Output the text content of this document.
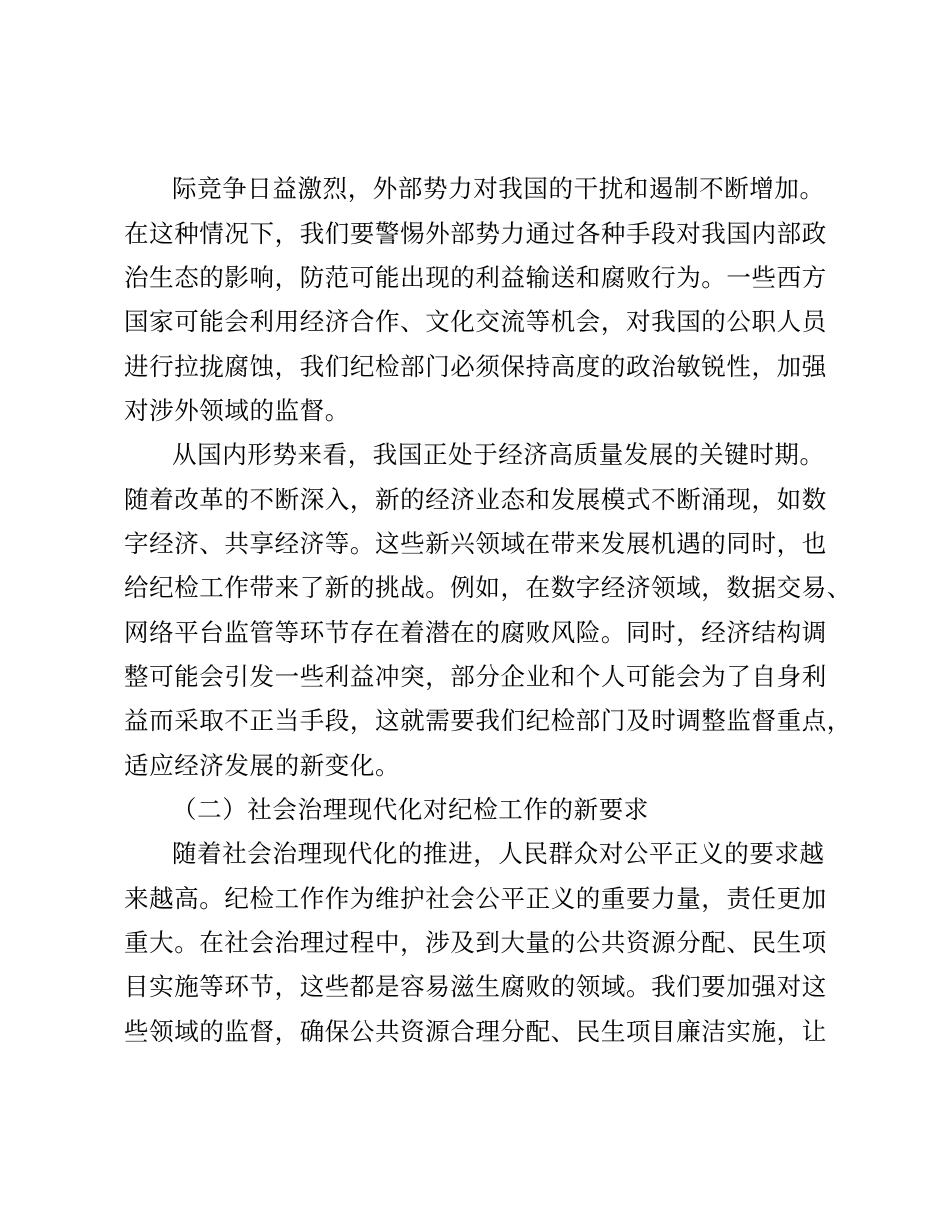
际竞争日益激烈，外部势力对我国的干扰和遏制不断增加。
在这种情况下，我们要警惕外部势力通过各种手段对我国内部政
治生态的影响，防范可能出现的利益输送和腐败行为。一些西方
国家可能会利用经济合作、文化交流等机会，对我国的公职人员
进行拉拢腐蚀，我们纪检部门必须保持高度的政治敏锐性，加强
对涉外领域的监督。
从国内形势来看，我国正处于经济高质量发展的关键时期。
随着改革的不断深入，新的经济业态和发展模式不断涌现，如数
字经济、共享经济等。这些新兴领域在带来发展机遇的同时，也
给纪检工作带来了新的挑战。例如，在数字经济领域，数据交易、
网络平台监管等环节存在着潜在的腐败风险。同时，经济结构调
整可能会引发一些利益冲突，部分企业和个人可能会为了自身利
益而采取不正当手段，这就需要我们纪检部门及时调整监督重点，
适应经济发展的新变化。
（二）社会治理现代化对纪检工作的新要求
随着社会治理现代化的推进，人民群众对公平正义的要求越
来越高。纪检工作作为维护社会公平正义的重要力量，责任更加
重大。在社会治理过程中，涉及到大量的公共资源分配、民生项
目实施等环节，这些都是容易滋生腐败的领域。我们要加强对这
些领域的监督，确保公共资源合理分配、民生项目廉洁实施，让
